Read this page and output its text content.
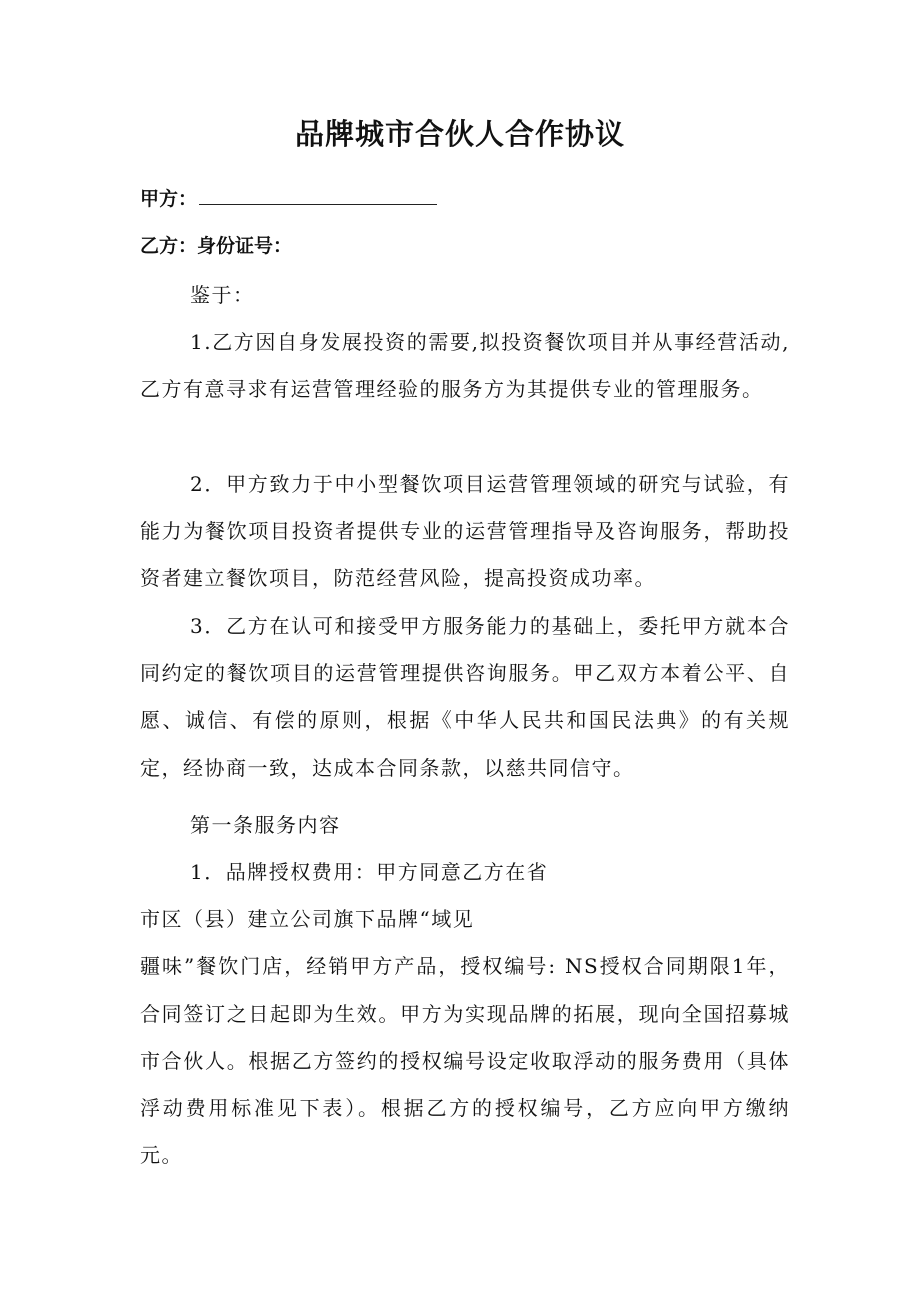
品牌城市合伙人合作协议
甲方：
乙方：身份证号：

鉴于：

1.乙方因自身发展投资的需要,拟投资餐饮项目并从事经营活动,乙方有意寻求有运营管理经验的服务方为其提供专业的管理服务。

2．甲方致力于中小型餐饮项目运营管理领域的研究与试验，有能力为餐饮项目投资者提供专业的运营管理指导及咨询服务，帮助投资者建立餐饮项目，防范经营风险，提高投资成功率。

3．乙方在认可和接受甲方服务能力的基础上，委托甲方就本合同约定的餐饮项目的运营管理提供咨询服务。甲乙双方本着公平、自愿、诚信、有偿的原则，根据《中华人民共和国民法典》的有关规定，经协商一致，达成本合同条款，以慈共同信守。

第一条服务内容

1．品牌授权费用：甲方同意乙方在省
市区（县）建立公司旗下品牌“域见
疆味”餐饮门店，经销甲方产品，授权编号: NS授权合同期限1年，合同签订之日起即为生效。甲方为实现品牌的拓展，现向全国招募城市合伙人。根据乙方签约的授权编号设定收取浮动的服务费用（具体浮动费用标准见下表）。根据乙方的授权编号，乙方应向甲方缴纳元。
